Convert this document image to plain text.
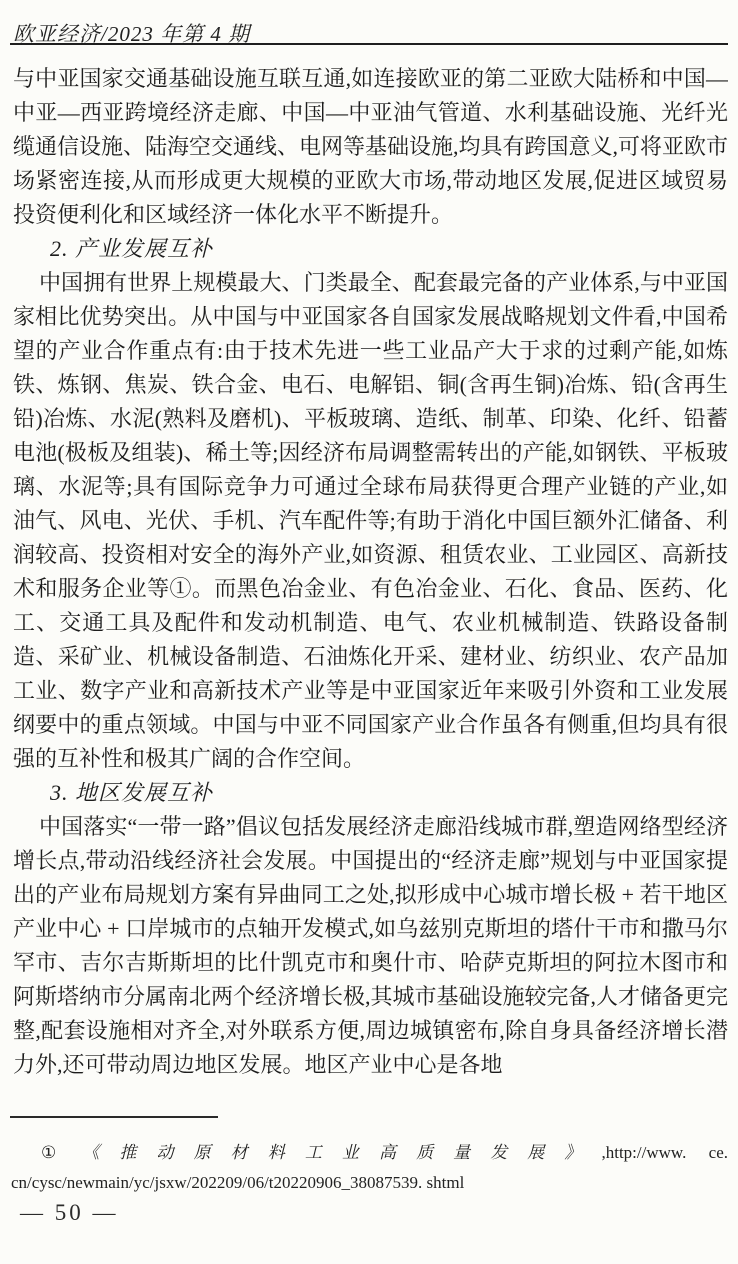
欧亚经济/2023 年第 4 期

与中亚国家交通基础设施互联互通,如连接欧亚的第二亚欧大陆桥和中国—中亚—西亚跨境经济走廊、中国—中亚油气管道、水利基础设施、光纤光缆通信设施、陆海空交通线、电网等基础设施,均具有跨国意义,可将亚欧市场紧密连接,从而形成更大规模的亚欧大市场,带动地区发展,促进区域贸易投资便利化和区域经济一体化水平不断提升。

2. 产业发展互补

中国拥有世界上规模最大、门类最全、配套最完备的产业体系,与中亚国家相比优势突出。从中国与中亚国家各自国家发展战略规划文件看,中国希望的产业合作重点有:由于技术先进一些工业品产大于求的过剩产能,如炼铁、炼钢、焦炭、铁合金、电石、电解铝、铜(含再生铜)冶炼、铅(含再生铅)冶炼、水泥(熟料及磨机)、平板玻璃、造纸、制革、印染、化纤、铅蓄电池(极板及组装)、稀土等;因经济布局调整需转出的产能,如钢铁、平板玻璃、水泥等;具有国际竞争力可通过全球布局获得更合理产业链的产业,如油气、风电、光伏、手机、汽车配件等;有助于消化中国巨额外汇储备、利润较高、投资相对安全的海外产业,如资源、租赁农业、工业园区、高新技术和服务企业等①。而黑色冶金业、有色冶金业、石化、食品、医药、化工、交通工具及配件和发动机制造、电气、农业机械制造、铁路设备制造、采矿业、机械设备制造、石油炼化开采、建材业、纺织业、农产品加工业、数字产业和高新技术产业等是中亚国家近年来吸引外资和工业发展纲要中的重点领域。中国与中亚不同国家产业合作虽各有侧重,但均具有很强的互补性和极其广阔的合作空间。

3. 地区发展互补

中国落实“一带一路”倡议包括发展经济走廊沿线城市群,塑造网络型经济增长点,带动沿线经济社会发展。中国提出的“经济走廊”规划与中亚国家提出的产业布局规划方案有异曲同工之处,拟形成中心城市增长极 + 若干地区产业中心 + 口岸城市的点轴开发模式,如乌兹别克斯坦的塔什干市和撒马尔罕市、吉尔吉斯斯坦的比什凯克市和奥什市、哈萨克斯坦的阿拉木图市和阿斯塔纳市分属南北两个经济增长极,其城市基础设施较完备,人才储备更完整,配套设施相对齐全,对外联系方便,周边城镇密布,除自身具备经济增长潜力外,还可带动周边地区发展。地区产业中心是各地

① 《推动原材料工业高质量发展》,http://www. ce. cn/cysc/newmain/yc/jsxw/202209/06/t20220906_38087539. shtml
— 50 —
